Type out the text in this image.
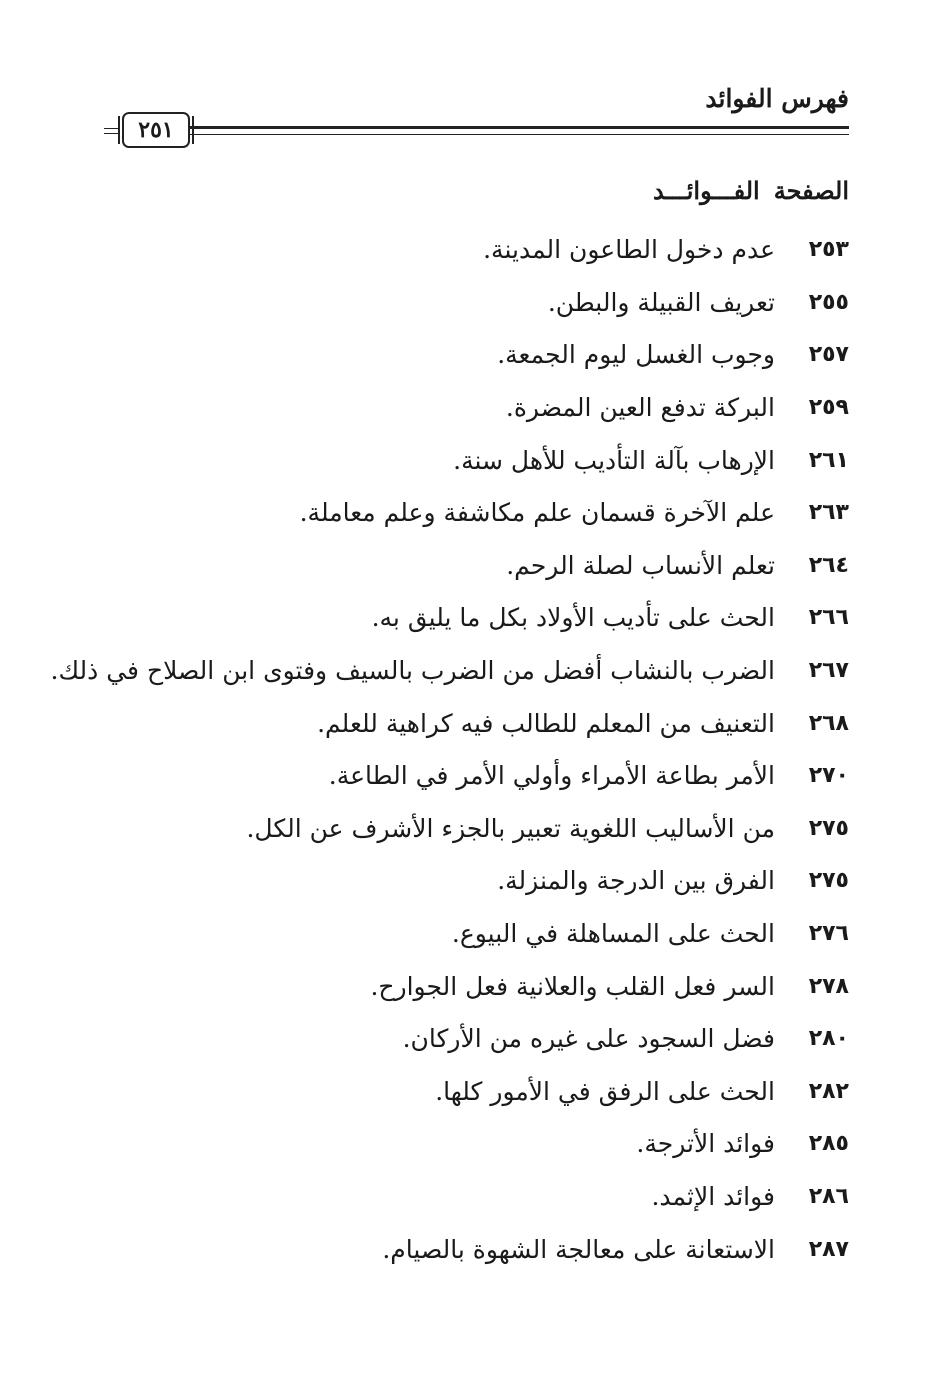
فهرس الفوائد
٢٥١
الصفحةالفـــوائـــد
٢٥٣
عدم دخول الطاعون المدينة.
٢٥٥
تعريف القبيلة والبطن.
٢٥٧
وجوب الغسل ليوم الجمعة.
٢٥٩
البركة تدفع العين المضرة.
٢٦١
الإرهاب بآلة التأديب للأهل سنة.
٢٦٣
علم الآخرة قسمان علم مكاشفة وعلم معاملة.
٢٦٤
تعلم الأنساب لصلة الرحم.
٢٦٦
الحث على تأديب الأولاد بكل ما يليق به.
٢٦٧
الضرب بالنشاب أفضل من الضرب بالسيف وفتوى ابن الصلاح في ذلك.
٢٦٨
التعنيف من المعلم للطالب فيه كراهية للعلم.
٢٧٠
الأمر بطاعة الأمراء وأولي الأمر في الطاعة.
٢٧٥
من الأساليب اللغوية تعبير بالجزء الأشرف عن الكل.
٢٧٥
الفرق بين الدرجة والمنزلة.
٢٧٦
الحث على المساهلة في البيوع.
٢٧٨
السر فعل القلب والعلانية فعل الجوارح.
٢٨٠
فضل السجود على غيره من الأركان.
٢٨٢
الحث على الرفق في الأمور كلها.
٢٨٥
فوائد الأترجة.
٢٨٦
فوائد الإثمد.
٢٨٧
الاستعانة على معالجة الشهوة بالصيام.
